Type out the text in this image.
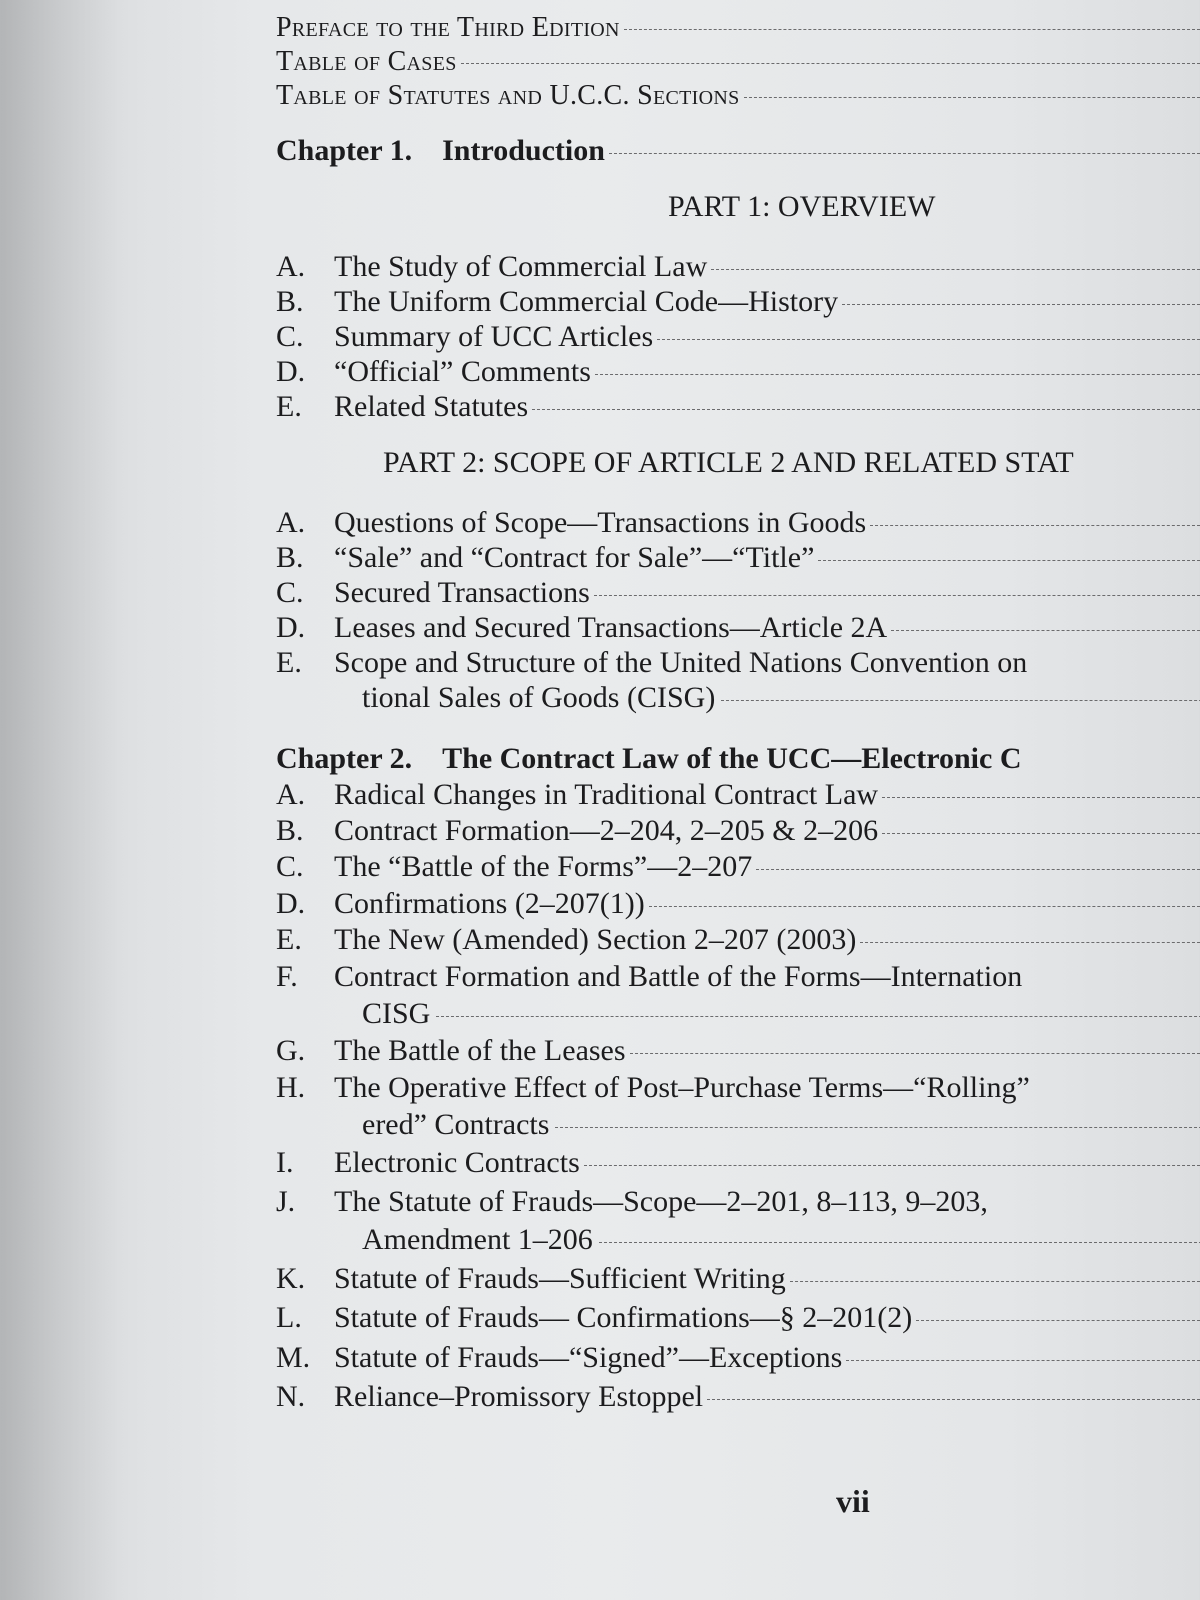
Preface to the Third Edition
Table of Cases
Table of Statutes and U.C.C. Sections
Chapter 1. Introduction
PART 1: OVERVIEW
A. The Study of Commercial Law
B. The Uniform Commercial Code—History
C. Summary of UCC Articles
D. “Official” Comments
E. Related Statutes
PART 2: SCOPE OF ARTICLE 2 AND RELATED STAT
A. Questions of Scope—Transactions in Goods
B. “Sale” and “Contract for Sale”—“Title”
C. Secured Transactions
D. Leases and Secured Transactions—Article 2A
E. Scope and Structure of the United Nations Convention on
tional Sales of Goods (CISG)
Chapter 2. The Contract Law of the UCC—Electronic C
A. Radical Changes in Traditional Contract Law
B. Contract Formation—2–204, 2–205 & 2–206
C. The “Battle of the Forms”—2–207
D. Confirmations (2–207(1))
E. The New (Amended) Section 2–207 (2003)
F. Contract Formation and Battle of the Forms—Internation
CISG
G. The Battle of the Leases
H. The Operative Effect of Post–Purchase Terms—“Rolling”
ered” Contracts
I. Electronic Contracts
J. The Statute of Frauds—Scope—2–201, 8–113, 9–203,
Amendment 1–206
K. Statute of Frauds—Sufficient Writing
L. Statute of Frauds— Confirmations—§ 2–201(2)
M. Statute of Frauds—“Signed”—Exceptions
N. Reliance–Promissory Estoppel
vii
